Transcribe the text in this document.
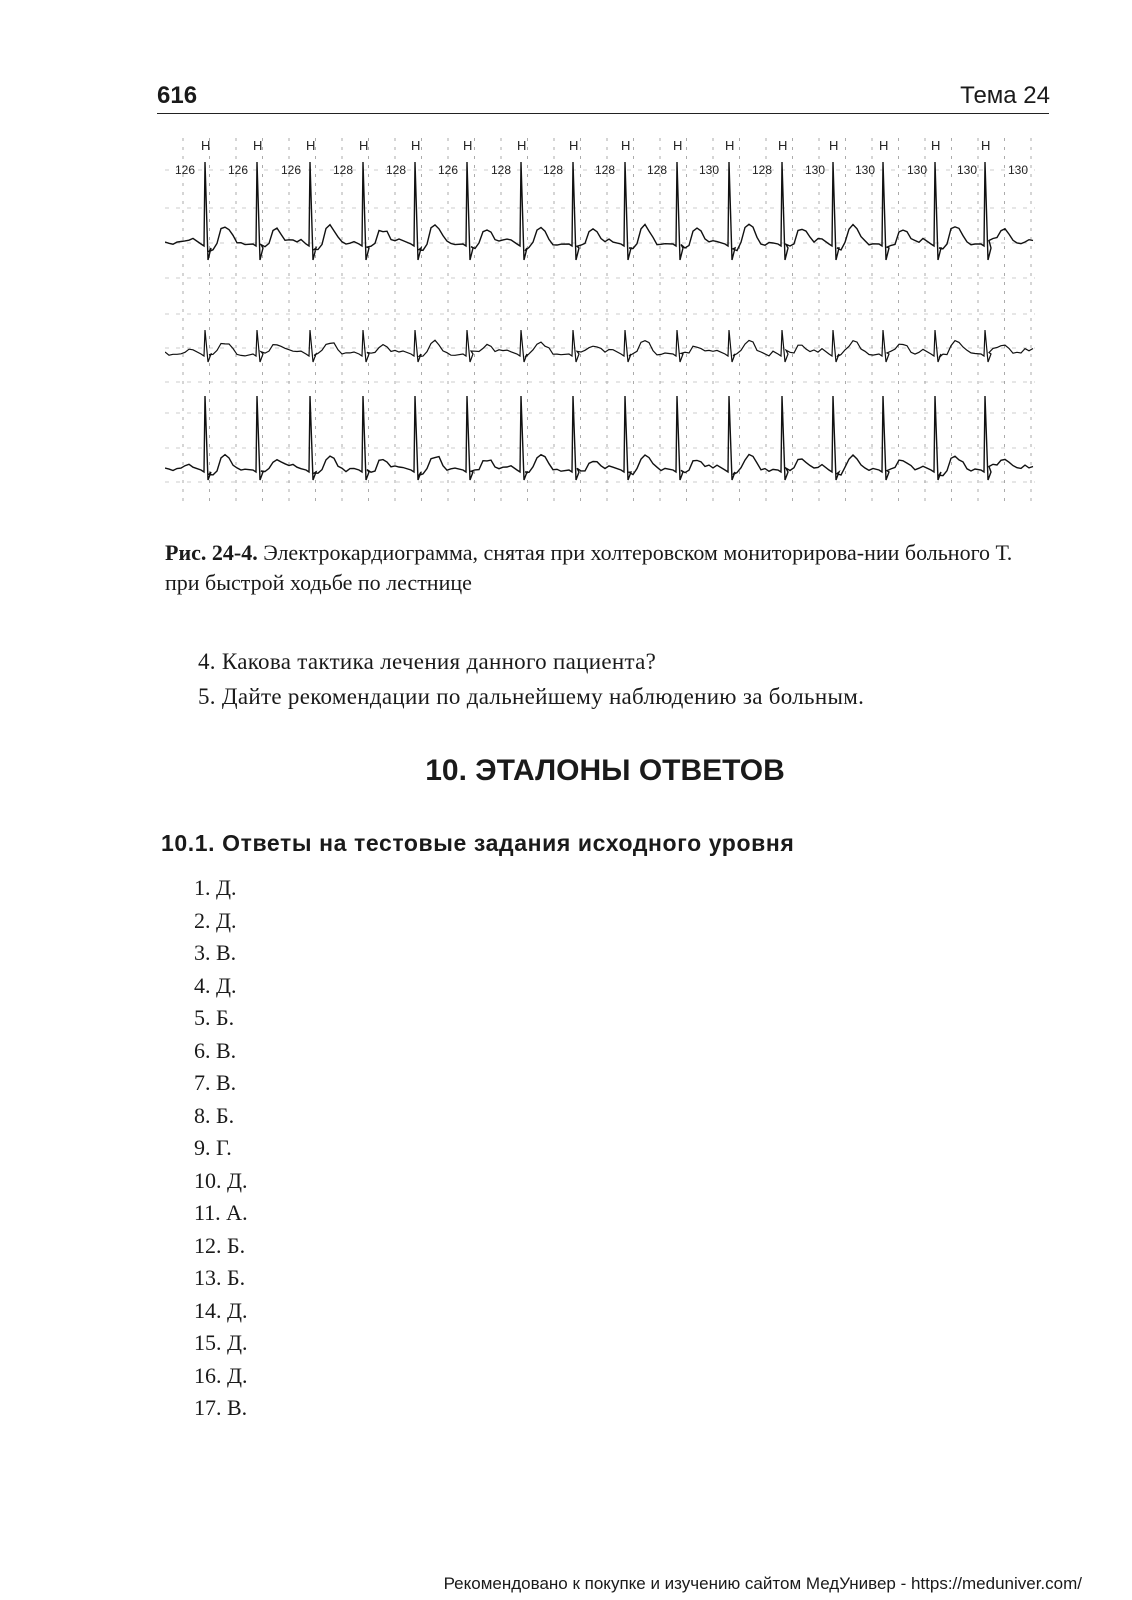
616	Тема 24
H	H	H	H	H	H	H	H	H	H	H	H	H	H	H	H
126	126	126	128	128	126	128	128	128	128	130	128	130 130	130 130	130
Рис. 24-4. Электрокардиограмма, снятая при холтеровском мониторирова-нии больного Т. при быстрой ходьбе по лестнице
4. Какова тактика лечения данного пациента?
5. Дайте рекомендации по дальнейшему наблюдению за больным.
10. ЭТАЛОНЫ ОТВЕТОВ
10.1. Ответы на тестовые задания исходного уровня
1. Д.
2. Д.
3. В.
4. Д.
5. Б.
6. В.
7. В.
8. Б.
9. Г.
10. Д.
11. А.
12. Б.
13. Б.
14. Д.
15. Д.
16. Д.
17. В.
Рекомендовано к покупке и изучению сайтом МедУнивер - https://meduniver.com/
